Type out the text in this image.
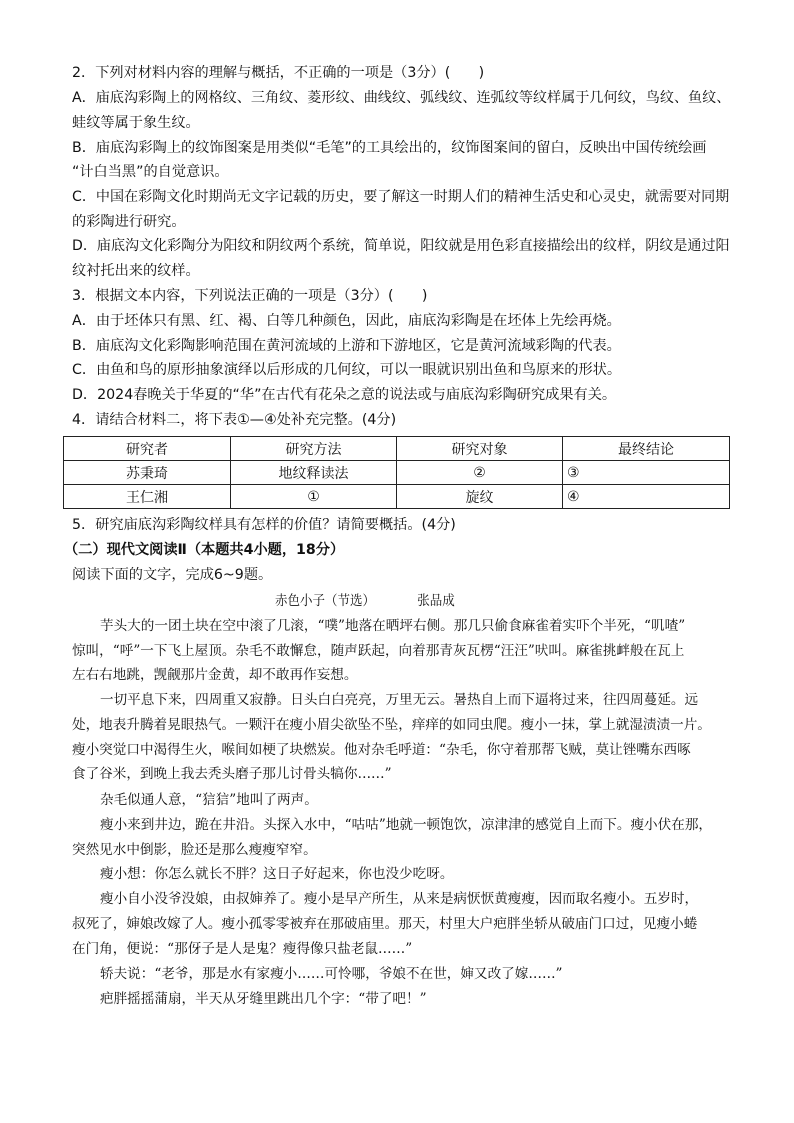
2．下列对材料内容的理解与概括，不正确的一项是（3分）(　　)
A．庙底沟彩陶上的网格纹、三角纹、菱形纹、曲线纹、弧线纹、连弧纹等纹样属于几何纹，鸟纹、鱼纹、
蛙纹等属于象生纹。
B．庙底沟彩陶上的纹饰图案是用类似“毛笔”的工具绘出的，纹饰图案间的留白，反映出中国传统绘画
“计白当黑”的自觉意识。
C．中国在彩陶文化时期尚无文字记载的历史，要了解这一时期人们的精神生活史和心灵史，就需要对同期
的彩陶进行研究。
D．庙底沟文化彩陶分为阳纹和阴纹两个系统，简单说，阳纹就是用色彩直接描绘出的纹样，阴纹是通过阳
纹衬托出来的纹样。
3．根据文本内容，下列说法正确的一项是（3分）(　　)
A．由于坯体只有黑、红、褐、白等几种颜色，因此，庙底沟彩陶是在坯体上先绘再烧。
B．庙底沟文化彩陶影响范围在黄河流域的上游和下游地区，它是黄河流域彩陶的代表。
C．由鱼和鸟的原形抽象演绎以后形成的几何纹，可以一眼就识别出鱼和鸟原来的形状。
D．2024春晚关于华夏的“华”在古代有花朵之意的说法或与庙底沟彩陶研究成果有关。
4．请结合材料二，将下表①—④处补充完整。(4分)
研究者	研究方法	研究对象	最终结论
苏秉琦	地纹释读法	②	③
王仁湘	①	旋纹	④
5．研究庙底沟彩陶纹样具有怎样的价值？请简要概括。(4分)
（二）现代文阅读Ⅱ（本题共4小题，18分）
阅读下面的文字，完成6~9题。
赤色小子（节选）	张品成
芋头大的一团土块在空中滚了几滚，“噗”地落在晒坪右侧。那几只偷食麻雀着实吓个半死，“叽喳”
惊叫，“呼”一下飞上屋顶。杂毛不敢懈怠，随声跃起，向着那青灰瓦楞“汪汪”吠叫。麻雀挑衅般在瓦上
左右右地跳，觊觎那片金黄，却不敢再作妄想。
一切平息下来，四周重又寂静。日头白白亮亮，万里无云。暑热自上而下逼将过来，往四周蔓延。远
处，地表升腾着晃眼热气。一颗汗在瘦小眉尖欲坠不坠，痒痒的如同虫爬。瘦小一抹，掌上就湿渍渍一片。
瘦小突觉口中渴得生火，喉间如梗了块燃炭。他对杂毛呼道：“杂毛，你守着那帮飞贼，莫让锉嘴东西啄
食了谷米，到晚上我去秃头磨子那儿讨骨头犒你……”
杂毛似通人意，“狺狺”地叫了两声。
瘦小来到井边，跪在井沿。头探入水中，“咕咕”地就一顿饱饮，凉津津的感觉自上而下。瘦小伏在那，
突然见水中倒影，脸还是那么瘦瘦窄窄。
瘦小想：你怎么就长不胖？这日子好起来，你也没少吃呀。
瘦小自小没爷没娘，由叔婶养了。瘦小是早产所生，从来是病恹恹黄瘦瘦，因而取名瘦小。五岁时，
叔死了，婶娘改嫁了人。瘦小孤零零被弃在那破庙里。那天，村里大户疤胖坐轿从破庙门口过，见瘦小蜷
在门角，便说：“那伢子是人是鬼？瘦得像只盐老鼠……”
轿夫说：“老爷，那是水有家瘦小……可怜哪，爷娘不在世，婶又改了嫁……”
疤胖摇摇蒲扇，半天从牙缝里跳出几个字：“带了吧！”
